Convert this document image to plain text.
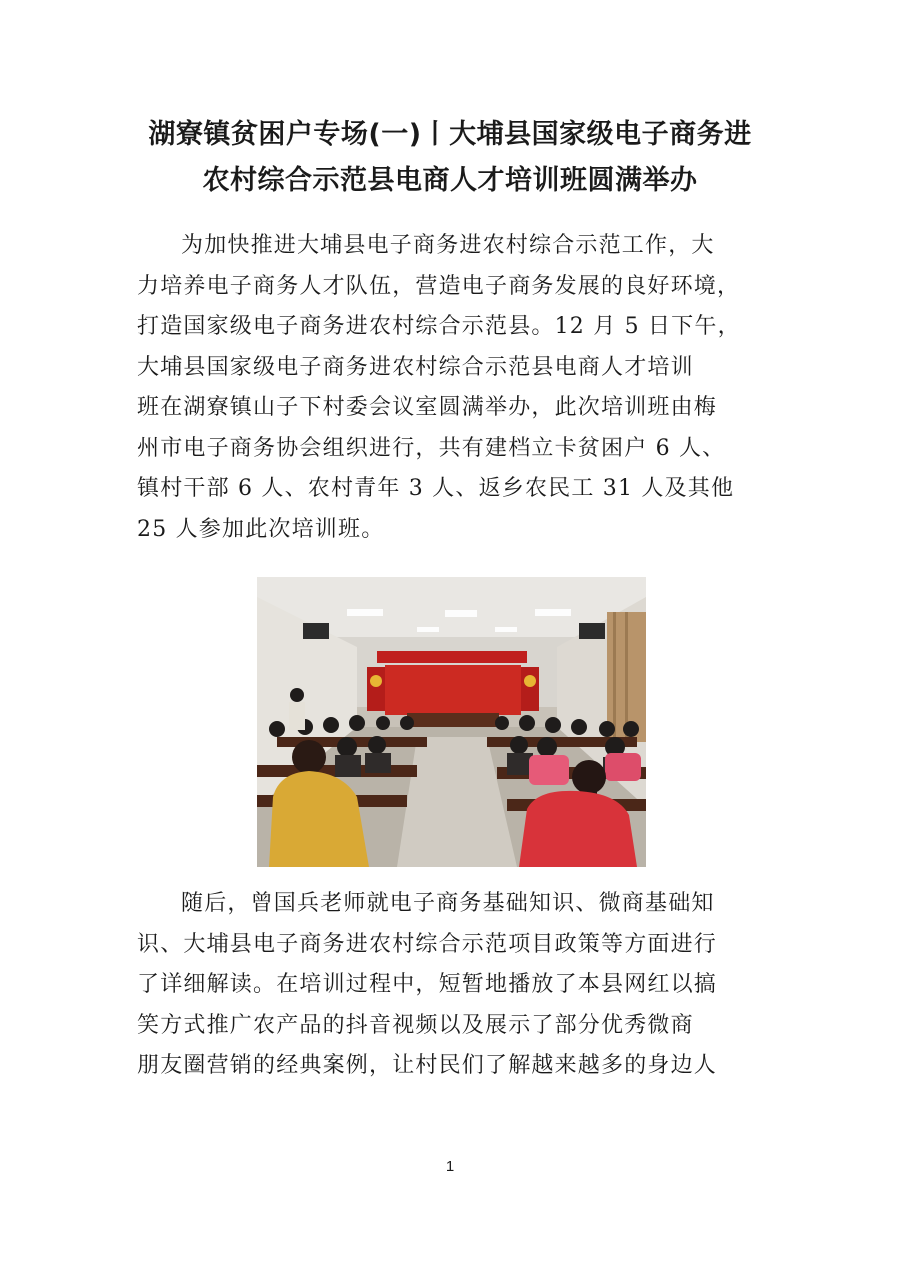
湖寮镇贫困户专场(一)丨大埔县国家级电子商务进
农村综合示范县电商人才培训班圆满举办
为加快推进大埔县电子商务进农村综合示范工作，大
力培养电子商务人才队伍，营造电子商务发展的良好环境，
打造国家级电子商务进农村综合示范县。12 月 5 日下午，
大埔县国家级电子商务进农村综合示范县电商人才培训
班在湖寮镇山子下村委会议室圆满举办，此次培训班由梅
州市电子商务协会组织进行，共有建档立卡贫困户 6 人、
镇村干部 6 人、农村青年 3 人、返乡农民工 31 人及其他
25 人参加此次培训班。
随后，曾国兵老师就电子商务基础知识、微商基础知
识、大埔县电子商务进农村综合示范项目政策等方面进行
了详细解读。在培训过程中，短暂地播放了本县网红以搞
笑方式推广农产品的抖音视频以及展示了部分优秀微商
朋友圈营销的经典案例，让村民们了解越来越多的身边人
1
